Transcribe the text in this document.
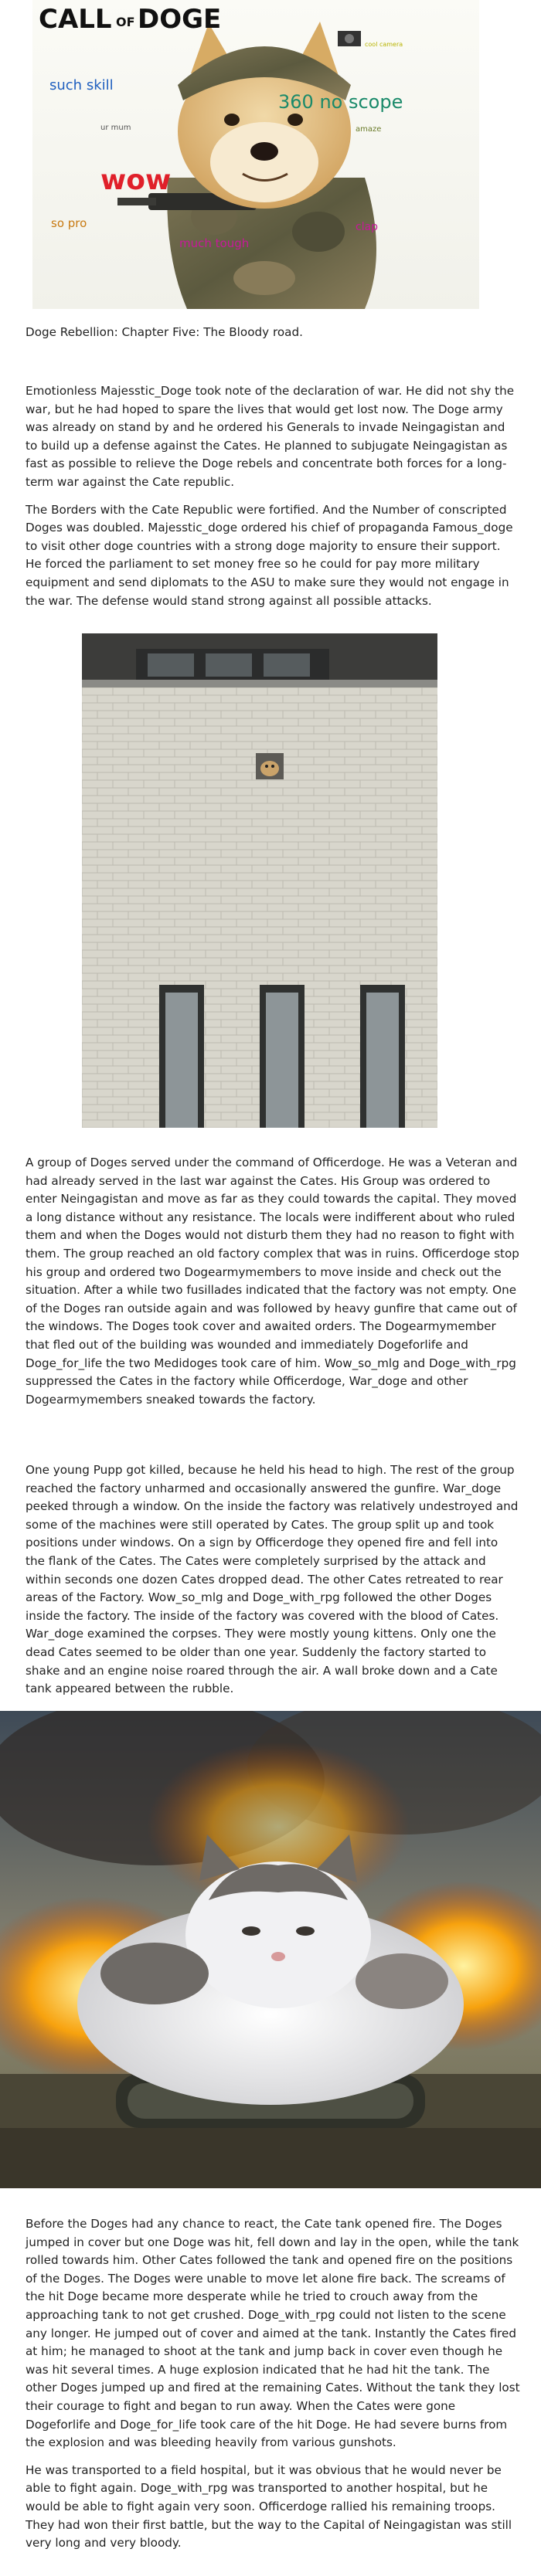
CALL OF DOGE
such skill
ur mum
360 no scope
amaze
wow
so pro
much tough
clap
cool camera
Doge Rebellion: Chapter Five: The Bloody road.

Emotionless Majesstic_Doge took note of the declaration of war. He did not shy the war, but he had hoped to spare the lives that would get lost now. The Doge army was already on stand by and he ordered his Generals to invade Neingagistan and to build up a defense against the Cates. He planned to subjugate Neingagistan as fast as possible to relieve the Doge rebels and concentrate both forces for a long-term war against the Cate republic.

The Borders with the Cate Republic were fortified. And the Number of conscripted Doges was doubled. Majesstic_doge ordered his chief of propaganda Famous_doge to visit other doge countries with a strong doge majority to ensure their support. He forced the parliament to set money free so he could for pay more military equipment and send diplomats to the ASU to make sure they would not engage in the war. The defense would stand strong against all possible attacks.

A group of Doges served under the command of Officerdoge. He was a Veteran and had already served in the last war against the Cates. His Group was ordered to enter Neingagistan and move as far as they could towards the capital. They moved a long distance without any resistance. The locals were indifferent about who ruled them and when the Doges would not disturb them they had no reason to fight with them. The group reached an old factory complex that was in ruins. Officerdoge stop his group and ordered two Dogearmymembers to move inside and check out the situation. After a while two fusillades indicated that the factory was not empty. One of the Doges ran outside again and was followed by heavy gunfire that came out of the windows. The Doges took cover and awaited orders. The Dogearmymember that fled out of the building was wounded and immediately Dogeforlife and Doge_for_life the two Medidoges took care of him. Wow_so_mlg and Doge_with_rpg suppressed the Cates in the factory while Officerdoge, War_doge and other Dogearmymembers sneaked towards the factory.
One young Pupp got killed, because he held his head to high. The rest of the group reached the factory unharmed and occasionally answered the gunfire. War_doge peeked through a window. On the inside the factory was relatively undestroyed and some of the machines were still operated by Cates. The group split up and took positions under windows. On a sign by Officerdoge they opened fire and fell into the flank of the Cates. The Cates were completely surprised by the attack and within seconds one dozen Cates dropped dead. The other Cates retreated to rear areas of the Factory. Wow_so_mlg and Doge_with_rpg followed the other Doges inside the factory. The inside of the factory was covered with the blood of Cates. War_doge examined the corpses. They were mostly young kittens. Only one the dead Cates seemed to be older than one year. Suddenly the factory started to shake and an engine noise roared through the air. A wall broke down and a Cate tank appeared between the rubble.

Before the Doges had any chance to react, the Cate tank opened fire. The Doges jumped in cover but one Doge was hit, fell down and lay in the open, while the tank rolled towards him. Other Cates followed the tank and opened fire on the positions of the Doges. The Doges were unable to move let alone fire back. The screams of the hit Doge became more desperate while he tried to crouch away from the approaching tank to not get crushed. Doge_with_rpg could not listen to the scene any longer. He jumped out of cover and aimed at the tank. Instantly the Cates fired at him; he managed to shoot at the tank and jump back in cover even though he was hit several times. A huge explosion indicated that he had hit the tank. The other Doges jumped up and fired at the remaining Cates. Without the tank they lost their courage to fight and began to run away. When the Cates were gone Dogeforlife and Doge_for_life took care of the hit Doge. He had severe burns from the explosion and was bleeding heavily from various gunshots.

He was transported to a field hospital, but it was obvious that he would never be able to fight again. Doge_with_rpg was transported to another hospital, but he would be able to fight again very soon. Officerdoge rallied his remaining troops. They had won their first battle, but the way to the Capital of Neingagistan was still very long and very bloody.
